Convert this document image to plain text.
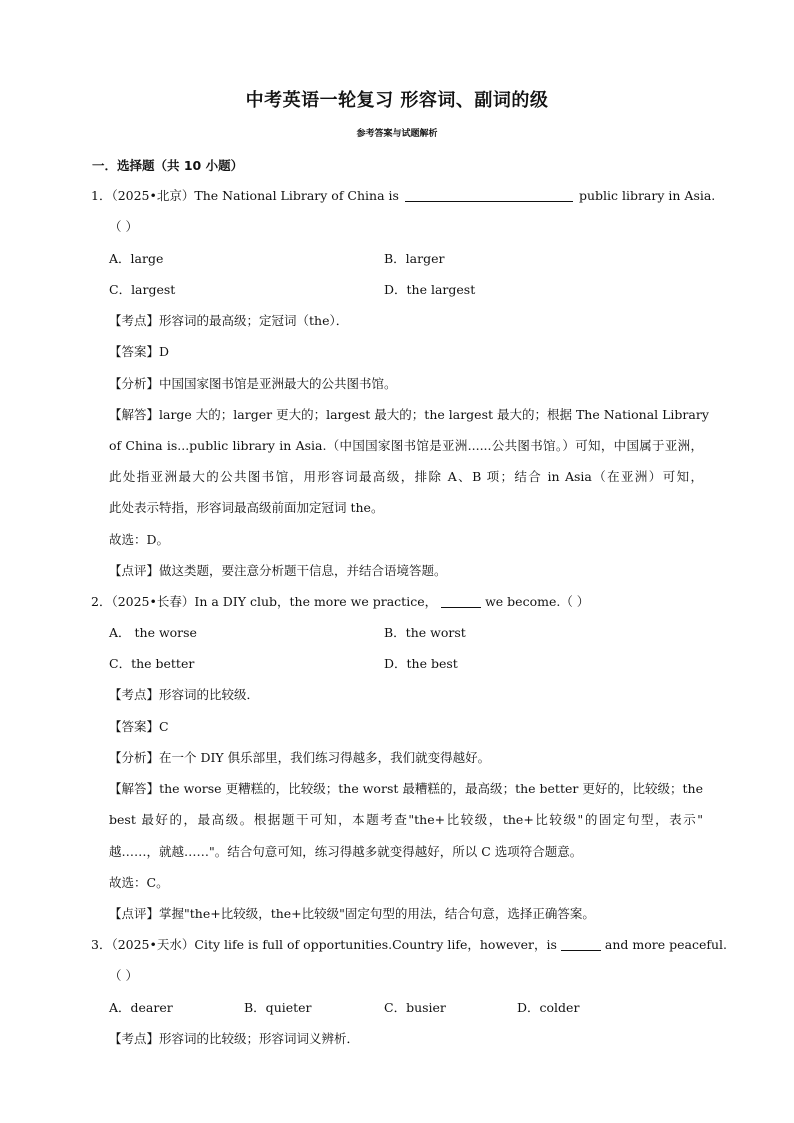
中考英语一轮复习 形容词、副词的级
参考答案与试题解析
一．选择题（共 10 小题）
1．（2025•北京）The National Library of China is	public library in Asia.
（ ）
A．large	B．larger
C．largest	D．the largest
【考点】形容词的最高级；定冠词（the）．
【答案】D
【分析】中国国家图书馆是亚洲最大的公共图书馆。
【解答】large 大的；larger 更大的；largest 最大的；the largest 最大的；根据 The National Library
of China is...public library in Asia.（中国国家图书馆是亚洲......公共图书馆。）可知，中国属于亚洲，
此处指亚洲最大的公共图书馆，用形容词最高级，排除 A、B 项；结合 in Asia（在亚洲）可知，
此处表示特指，形容词最高级前面加定冠词 the。
故选：D。
【点评】做这类题，要注意分析题干信息，并结合语境答题。
2．（2025•长春）In a DIY club，the more we practice，	we become.（ ）
A． the worse	B．the worst
C．the better	D．the best
【考点】形容词的比较级．
【答案】C
【分析】在一个 DIY 俱乐部里，我们练习得越多，我们就变得越好。
【解答】the worse 更糟糕的，比较级；the worst 最糟糕的，最高级；the better 更好的，比较级；the
best 最好的，最高级。根据题干可知，本题考查"the+比较级，the+比较级"的固定句型，表示"
越……，就越……"。结合句意可知，练习得越多就变得越好，所以 C 选项符合题意。
故选：C。
【点评】掌握"the+比较级，the+比较级"固定句型的用法，结合句意，选择正确答案。
3．（2025•天水）City life is full of opportunities.Country life，however，is	and more peaceful.
（ ）
A．dearer	B．quieter	C．busier	D．colder
【考点】形容词的比较级；形容词词义辨析．
